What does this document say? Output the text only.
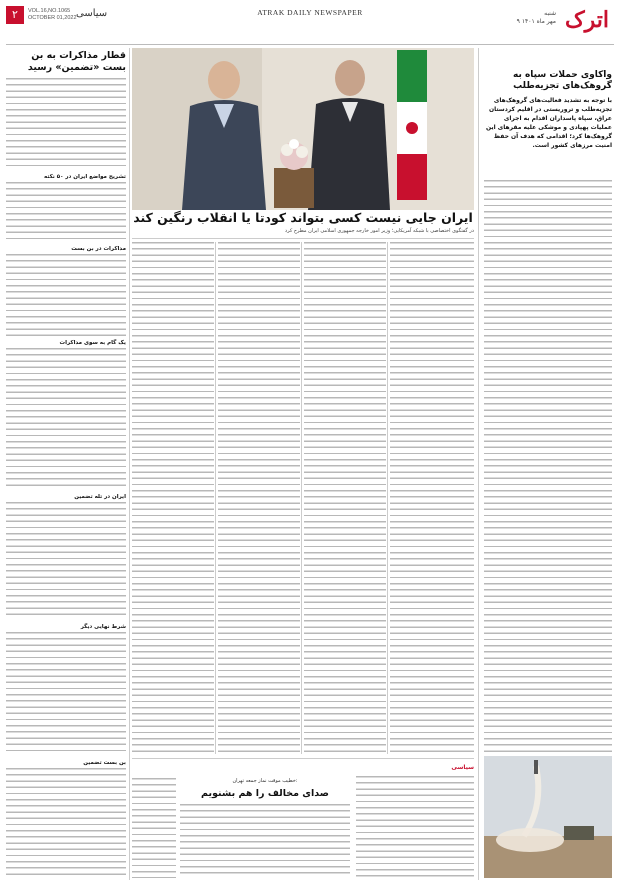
۲	VOL.16,NO.1065
OCTOBER 01,2022 سیاسی	ATRAK DAILY NEWSPAPER	اترک
شنبه
۹ مهر ماه ۱۴۰۱
قطار مذاکرات به بن بست «تضمین» رسید
تشریح مواضع ایران در ۵۰ نکته
مذاکرات در بن بست
یک گام به سوی مذاکرات
ایران در تله تضمین
شرط نهایی دیگر
بن بست تضمین
ایران جایی نیست کسی بتواند کودتا یا انقلاب رنگین کند
در گفتگوی اختصاصی با شبکه آمریکایی؛ وزیر امور خارجه جمهوری اسلامی ایران مطرح کرد
واکاوی حملات سپاه به گروهک‌های تجزیه‌طلب
با توجه به تشدید فعالیت‌های گروهک‌های تجزیه‌طلب و تروریستی در اقلیم کردستان عراق، سپاه پاسداران اقدام به اجرای عملیات پهپادی و موشکی علیه مقرهای این گروهک‌ها کرد؛ اقدامی که هدف آن حفظ امنیت مرزهای کشور است.
سیاسی
خطیب موقت نماز جمعه تهران:
صدای مخالف را هم بشنویم
